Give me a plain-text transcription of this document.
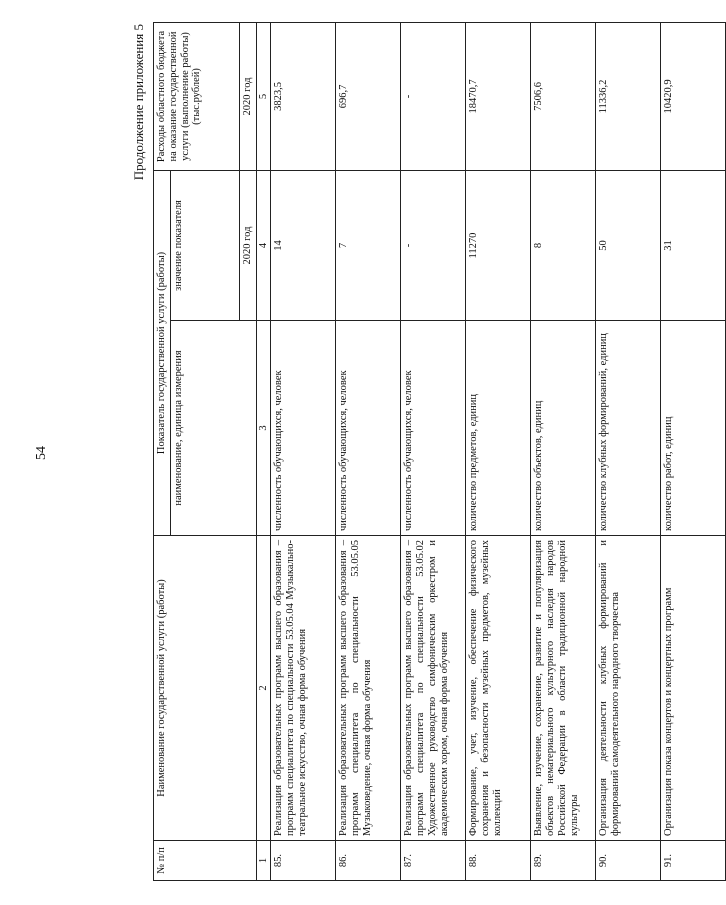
54
Продолжение приложения 5
№ п/п	Наименование государственной услуги (работы)	Показатель государственной услуги (работы)		Расходы областного бюджета на оказание государственной услуги (выполнение работы) (тыс.рублей)
		наименование, единица измерения	значение показателя	
			2020 год	2020 год
1	2	3	4	5
85.	Реализация образовательных программ высшего образования – программ специалитета по специальности 53.05.04 Музыкально-театральное искусство, очная форма обучения	численность обучающихся, человек	14	3823,5
86.	Реализация образовательных программ высшего образования – программ специалитета по специальности 53.05.05 Музыковедение, очная форма обучения	численность обучающихся, человек	7	696,7
87.	Реализация образовательных программ высшего образования – программ специалитета по специальности 53.05.02 Художественное руководство симфоническим оркестром и академическим хором, очная форма обучения	численность обучающихся, человек	-	-
88.	Формирование, учет, изучение, обеспечение физического сохранения и безопасности музейных предметов, музейных коллекций	количество предметов, единиц	11270	18470,7
89.	Выявление, изучение, сохранение, развитие и популяризация объектов нематериального культурного наследия народов Российской Федерации в области традиционной народной культуры	количество объектов, единиц	8	7506,6
90.	Организация деятельности клубных формирований и формирований самодеятельного народного творчества	количество клубных формирований, единиц	50	11336,2
91.	Организация показа концертов и концертных программ	количество работ, единиц	31	10420,9
